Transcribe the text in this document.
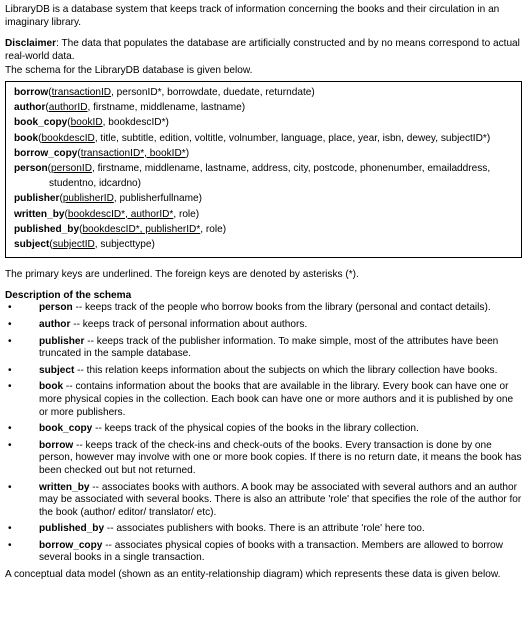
LibraryDB is a database system that keeps track of information concerning the books and their circulation in an imaginary library.

Disclaimer: The data that populates the database are artificially constructed and by no means correspond to actual real-world data.

The schema for the LibraryDB database is given below.

borrow(transactionID, personID*, borrowdate, duedate, returndate)
author(authorID, firstname, middlename, lastname)
book_copy(bookID, bookdescID*)
book(bookdescID, title, subtitle, edition, voltitle, volnumber, language, place, year, isbn, dewey, subjectID*)
borrow_copy(transactionID*, bookID*)
person(personID, firstname, middlename, lastname, address, city, postcode, phonenumber, emailaddress, studentno, idcardno)
publisher(publisherID, publisherfullname)
written_by(bookdescID*, authorID*, role)
published_by(bookdescID*, publisherID*, role)
subject(subjectID, subjecttype)

The primary keys are underlined. The foreign keys are denoted by asterisks (*).

Description of the schema

•	person -- keeps track of the people who borrow books from the library (personal and contact details).
•	author -- keeps track of personal information about authors.
•	publisher -- keeps track of the publisher information. To make simple, most of the attributes have been truncated in the sample database.
•	subject -- this relation keeps information about the subjects on which the library collection have books.
•	book -- contains information about the books that are available in the library. Every book can have one or more physical copies in the collection. Each book can have one or more authors and it is published by one or more publishers.
•	book_copy -- keeps track of the physical copies of the books in the library collection.
•	borrow -- keeps track of the check-ins and check-outs of the books. Every transaction is done by one person, however may involve with one or more book copies. If there is no return date, it means the book has been checked out but not returned.
•	written_by -- associates books with authors. A book may be associated with several authors and an author may be associated with several books. There is also an attribute 'role' that specifies the role of the author for the book (author/ editor/ translator/ etc).
•	published_by -- associates publishers with books. There is an attribute 'role' here too.
•	borrow_copy -- associates physical copies of books with a transaction. Members are allowed to borrow several books in a single transaction.

A conceptual data model (shown as an entity-relationship diagram) which represents these data is given below.
